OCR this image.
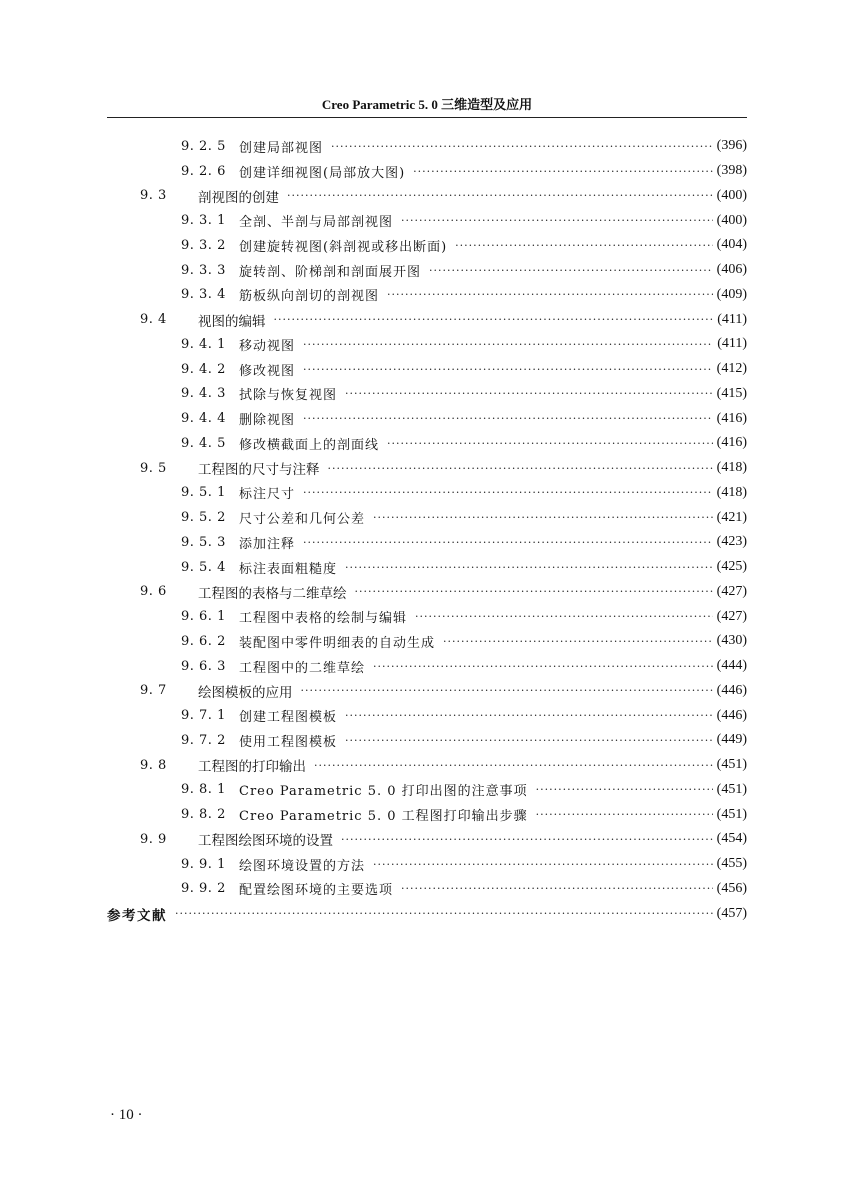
Creo Parametric 5. 0 三维造型及应用
9. 2. 5	创建局部视图 ·····	(396)
9. 2. 6	创建详细视图(局部放大图) ·····	(398)
9. 3	剖视图的创建 ·····	(400)
9. 3. 1	全剖、半剖与局部剖视图 ·····	(400)
9. 3. 2	创建旋转视图(斜剖视或移出断面) ·····	(404)
9. 3. 3	旋转剖、阶梯剖和剖面展开图 ·····	(406)
9. 3. 4	筋板纵向剖切的剖视图 ·····	(409)
9. 4	视图的编辑 ·····	(411)
9. 4. 1	移动视图 ·····	(411)
9. 4. 2	修改视图 ·····	(412)
9. 4. 3	拭除与恢复视图 ·····	(415)
9. 4. 4	删除视图 ·····	(416)
9. 4. 5	修改横截面上的剖面线 ·····	(416)
9. 5	工程图的尺寸与注释 ·····	(418)
9. 5. 1	标注尺寸 ·····	(418)
9. 5. 2	尺寸公差和几何公差 ·····	(421)
9. 5. 3	添加注释 ·····	(423)
9. 5. 4	标注表面粗糙度 ·····	(425)
9. 6	工程图的表格与二维草绘 ·····	(427)
9. 6. 1	工程图中表格的绘制与编辑 ·····	(427)
9. 6. 2	装配图中零件明细表的自动生成 ·····	(430)
9. 6. 3	工程图中的二维草绘 ·····	(444)
9. 7	绘图模板的应用 ·····	(446)
9. 7. 1	创建工程图模板 ·····	(446)
9. 7. 2	使用工程图模板 ·····	(449)
9. 8	工程图的打印输出 ·····	(451)
9. 8. 1	Creo Parametric 5. 0 打印出图的注意事项 ·····	(451)
9. 8. 2	Creo Parametric 5. 0 工程图打印输出步骤 ·····	(451)
9. 9	工程图绘图环境的设置 ·····	(454)
9. 9. 1	绘图环境设置的方法 ·····	(455)
9. 9. 2	配置绘图环境的主要选项 ·····	(456)
参考文献 ·····	(457)
· 10 ·
